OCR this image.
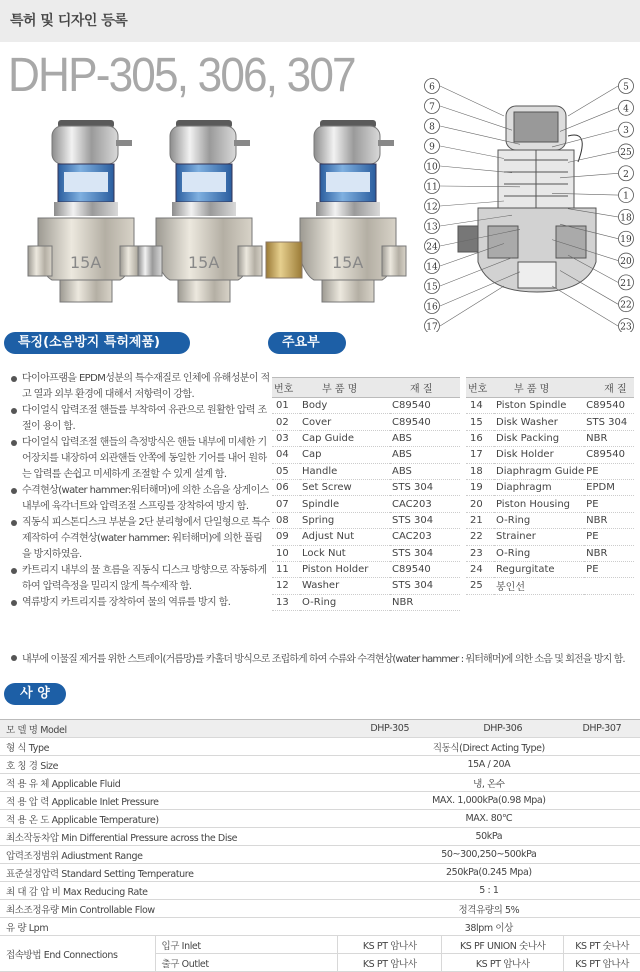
특허 및 디자인 등록
DHP-305, 306, 307
15A	15A	15A
6
7
8
9
10
11
12
13
24
14
15
16
17
5
4
3
25
2
1
18
19
20
21
22
23
특징(소음방지 특허제품)
다이아프램을 EPDM성분의 특수재질로 인체에 유해성분이 적고 열과 외부 환경에 대해서 저항력이 강함.
다이얼식 압력조절 핸들를 부착하여 유관으로 원활한 압력 조절이 용이 함.
다이얼식 압력조절 핸들의 측정방식은 핸들 내부에 미세한 기어장치를 내장하여 외관핸들 안쪽에 동일한 기어를 내어 원하는 압력를 손쉽고 미세하게 조절할 수 있게 설계 함.
수격현상(water hammer:워터해머)에 의한 소음을 상게이스 내부에 육각너트와 압력조절 스프링를 장착하여 방지 함.
직동식 피스톤디스크 부분을 2단 분리형에서 단일형으로 특수 제작하여 수격현상(water hammer: 워터해머)에 의한 풀림을 방지하였음.
카트리지 내부의 물 흐름을 직동식 디스크 방향으로 작동하게 하여 압력측정을 밀리지 않게 특수제작 함.
역류방지 카트리지를 장착하여 물의 역류를 방지 함.
내부에 이물질 제거를 위한 스트레이(거름망)를 카홀더 방식으로 조립하게 하여 수류와 수격현상(water hammer : 워터해머)에 의한 소음 및 회전을 방지 함.
주요부품
번호	부 품 명	재 질
01	Body	C89540
02	Cover	C89540
03	Cap Guide	ABS
04	Cap	ABS
05	Handle	ABS
06	Set Screw	STS 304
07	Spindle	CAC203
08	Spring	STS 304
09	Adjust Nut	CAC203
10	Lock Nut	STS 304
11	Piston Holder	C89540
12	Washer	STS 304
13	O-Ring	NBR
번호	부 품 명	재 질
14	Piston Spindle	C89540
15	Disk Washer	STS 304
16	Disk Packing	NBR
17	Disk Holder	C89540
18	Diaphragm Guide	PE
19	Diaphragm	EPDM
20	Piston Housing	PE
21	O-Ring	NBR
22	Strainer	PE
23	O-Ring	NBR
24	Regurgitate	PE
25	봉인선	
사 양
모 델 명 Model		DHP-305	DHP-306	DHP-307
형 식 Type		직동식(Direct Acting Type)		
호 칭 경 Size		15A / 20A		
적 용 유 체 Applicable Fluid		냉, 온수		
적 용 압 력 Applicable Inlet Pressure		MAX. 1,000kPa(0.98 Mpa)		
적 용 온 도 Applicable Temperature)		MAX. 80℃		
최소작동차압 Min Differential Pressure across the Dise		50kPa		
압력조정범위 Adiustment Range		50~300,250~500kPa		
표준설정압력 Standard Setting Temperature		250kPa(0.245 Mpa)		
최 대 감 압 비 Max Reducing Rate		5 : 1		
최소조정유량 Min Controllable Flow		정격유량의 5%		
유 량 Lpm		38lpm 이상		
접속방법 End Connections	입구 Inlet	KS PT 암나사	KS PF UNION 숫나사	KS PT 숫나사
	출구 Outlet	KS PT 암나사	KS PT 암나사	KS PT 암나사
